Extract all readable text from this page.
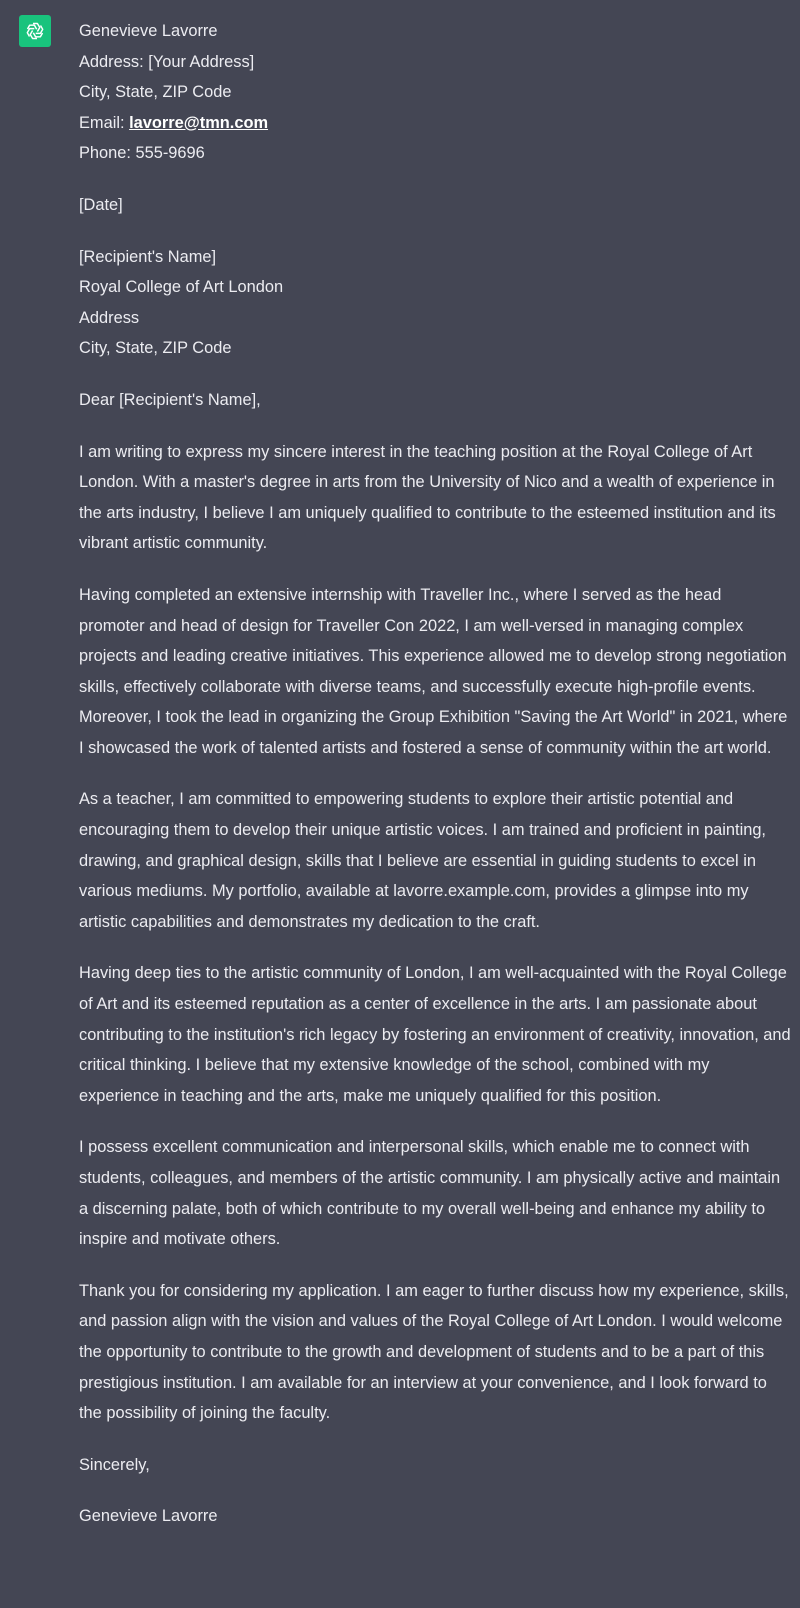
Genevieve Lavorre
Address: [Your Address]
City, State, ZIP Code
Email: lavorre@tmn.com
Phone: 555-9696

[Date]

[Recipient's Name]
Royal College of Art London
Address
City, State, ZIP Code

Dear [Recipient's Name],

I am writing to express my sincere interest in the teaching position at the Royal College of Art London. With a master's degree in arts from the University of Nico and a wealth of experience in the arts industry, I believe I am uniquely qualified to contribute to the esteemed institution and its vibrant artistic community.

Having completed an extensive internship with Traveller Inc., where I served as the head promoter and head of design for Traveller Con 2022, I am well-versed in managing complex projects and leading creative initiatives. This experience allowed me to develop strong negotiation skills, effectively collaborate with diverse teams, and successfully execute high-profile events. Moreover, I took the lead in organizing the Group Exhibition "Saving the Art World" in 2021, where I showcased the work of talented artists and fostered a sense of community within the art world.

As a teacher, I am committed to empowering students to explore their artistic potential and encouraging them to develop their unique artistic voices. I am trained and proficient in painting, drawing, and graphical design, skills that I believe are essential in guiding students to excel in various mediums. My portfolio, available at lavorre.example.com, provides a glimpse into my artistic capabilities and demonstrates my dedication to the craft.

Having deep ties to the artistic community of London, I am well-acquainted with the Royal College of Art and its esteemed reputation as a center of excellence in the arts. I am passionate about contributing to the institution's rich legacy by fostering an environment of creativity, innovation, and critical thinking. I believe that my extensive knowledge of the school, combined with my experience in teaching and the arts, make me uniquely qualified for this position.

I possess excellent communication and interpersonal skills, which enable me to connect with students, colleagues, and members of the artistic community. I am physically active and maintain a discerning palate, both of which contribute to my overall well-being and enhance my ability to inspire and motivate others.

Thank you for considering my application. I am eager to further discuss how my experience, skills, and passion align with the vision and values of the Royal College of Art London. I would welcome the opportunity to contribute to the growth and development of students and to be a part of this prestigious institution. I am available for an interview at your convenience, and I look forward to the possibility of joining the faculty.

Sincerely,

Genevieve Lavorre
